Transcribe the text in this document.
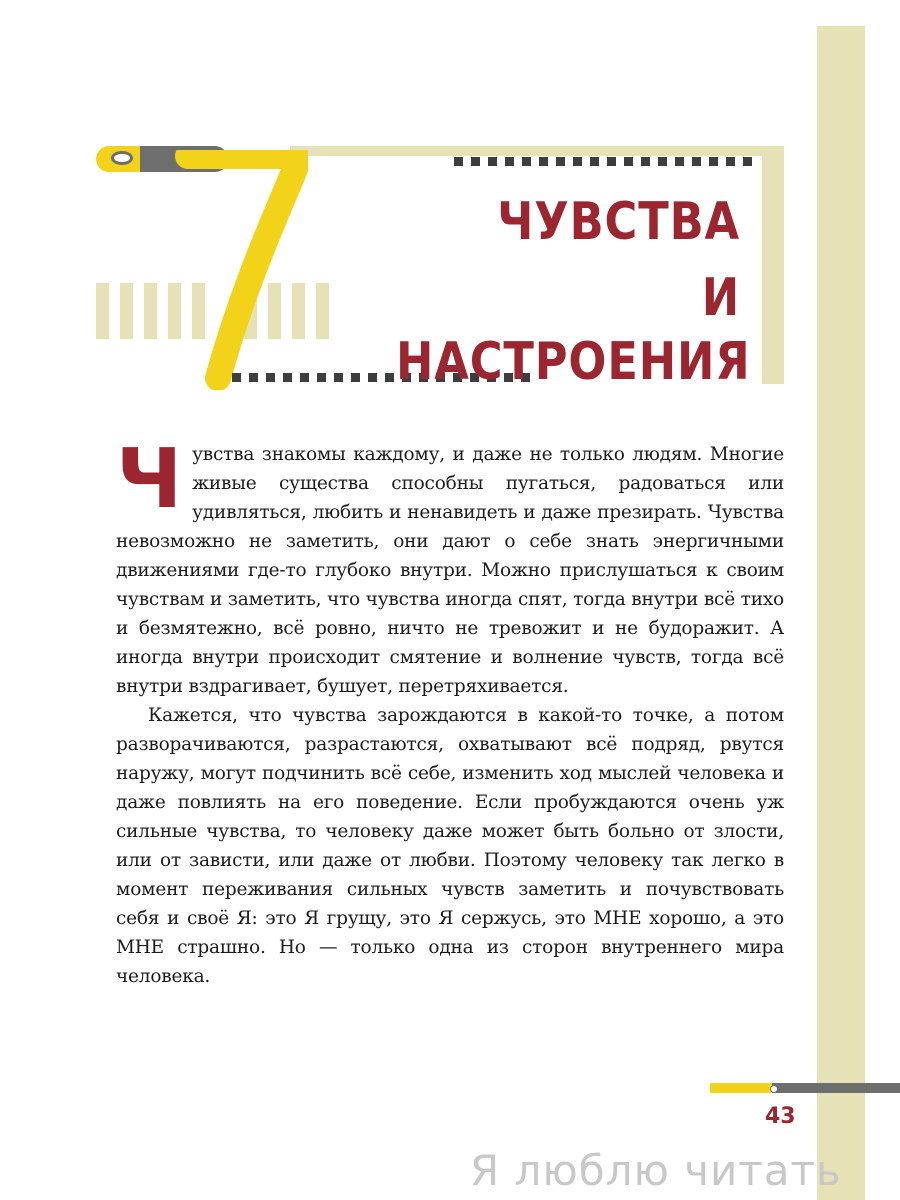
ЧУВСТВА
И НАСТРОЕНИЯ

Чувства знакомы каждому, и даже не только людям. Многие живые существа способны пугаться, радоваться или удивляться, любить и ненавидеть и даже презирать. Чувства невозможно не заметить, они дают о себе знать энергичными движениями где-то глубоко внутри. Можно прислушаться к своим чувствам и заметить, что чувства иногда спят, тогда внутри всё тихо и безмятежно, всё ровно, ничто не тревожит и не будоражит. А иногда внутри происходит смятение и волнение чувств, тогда всё внутри вздрагивает, бушует, перетряхивается.

Кажется, что чувства зарождаются в какой-то точке, а потом разворачиваются, разрастаются, охватывают всё подряд, рвутся наружу, могут подчинить всё себе, изменить ход мыслей человека и даже повлиять на его поведение. Если пробуждаются очень уж сильные чувства, то человеку даже может быть больно от злости, или от зависти, или даже от любви. Поэтому человеку так легко в момент переживания сильных чувств заметить и почувствовать себя и своё Я: это Я грущу, это Я сержусь, это МНЕ хорошо, а это МНЕ страшно. Но — только одна из сторон внутреннего мира человека.

43
Я люблю читать
